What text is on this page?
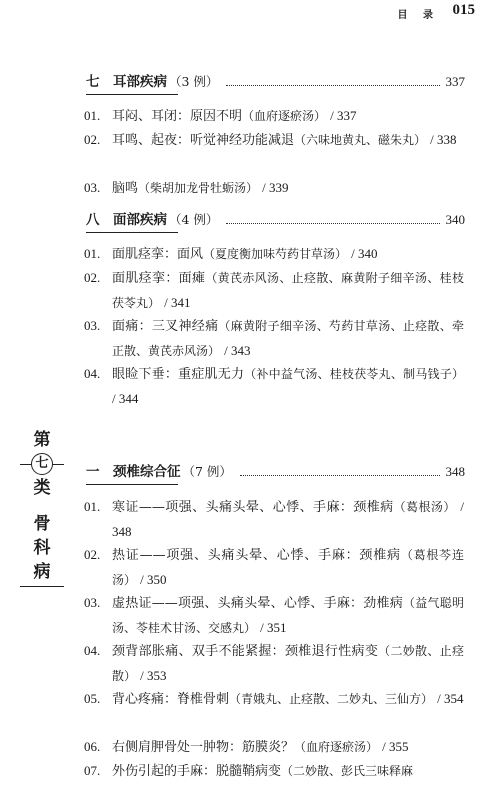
目 录 015
七　耳部疾病 （3 例）	337
01. 耳闷、耳闭：原因不明（血府逐瘀汤） / 337
02. 耳鸣、起夜：听觉神经功能减退（六味地黄丸、磁朱丸） / 338
03. 脑鸣（柴胡加龙骨牡蛎汤） / 339
八　面部疾病 （4 例）	340
01. 面肌痉挛：面风（夏度衡加味芍药甘草汤） / 340
02. 面肌痉挛：面瘫（黄芪赤风汤、止痉散、麻黄附子细辛汤、桂枝茯苓丸） / 341
03. 面痛：三叉神经痛（麻黄附子细辛汤、芍药甘草汤、止痉散、牵正散、黄芪赤风汤） / 343
04. 眼睑下垂：重症肌无力（补中益气汤、桂枝茯苓丸、制马钱子） / 344
第
七
类
骨
科
病
一　颈椎综合征 （7 例）	348
01. 寒证——项强、头痛头晕、心悸、手麻：颈椎病（葛根汤） / 348
02. 热证——项强、头痛头晕、心悸、手麻：颈椎病（葛根芩连汤） / 350
03. 虚热证——项强、头痛头晕、心悸、手麻：劲椎病（益气聪明汤、苓桂术甘汤、交感丸） / 351
04. 颈背部胀痛、双手不能紧握：颈椎退行性病变（二妙散、止痉散） / 353
05. 背心疼痛：脊椎骨刺（青娥丸、止痉散、二妙丸、三仙方） / 354
06. 右侧肩胛骨处一肿物：筋膜炎？（血府逐瘀汤） / 355
07. 外伤引起的手麻：脱髓鞘病变（二妙散、彭氏三味释麻
